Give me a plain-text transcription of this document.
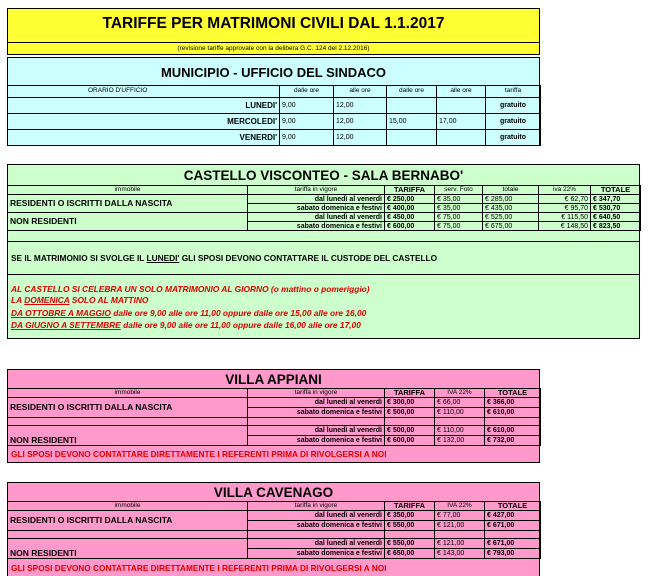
TARIFFE PER MATRIMONI CIVILI DAL 1.1.2017
(revisione tariffe approvate con la delibera G.C. 124 del 2.12.2016)
MUNICIPIO - UFFICIO DEL SINDACO
ORARIO D'UFFICIO	dalle ore	alle ore	dalle ore	alle ore	tariffa
LUNEDI'	9,00	12,00			gratuito
MERCOLEDI'	9,00	12,00	15,00	17,00	gratuito
VENERDI'	9,00	12,00			gratuito
CASTELLO VISCONTEO - SALA BERNABO'
immobile	tariffa in vigore	TARIFFA	serv. Foto	totale	iva 22%	TOTALE
RESIDENTI O ISCRITTI DALLA NASCITA	dal lunedì al venerdì	€ 250,00	€ 35,00	€ 285,00	€ 62,70	€ 347,70
	sabato domenica e festivi	€ 400,00	€ 35,00	€ 435,00	€ 95,70	€ 530,70
NON RESIDENTI	dal lunedì al venerdì	€ 450,00	€ 75,00	€ 525,00	€ 115,50	€ 640,50
	sabato domenica e festivi	€ 600,00	€ 75,00	€ 675,00	€ 148,50	€ 823,50
SE IL MATRIMONIO SI SVOLGE IL LUNEDI' GLI SPOSI DEVONO CONTATTARE IL CUSTODE DEL CASTELLO
AL CASTELLO SI CELEBRA UN SOLO MATRIMONIO AL GIORNO (o mattino o pomeriggio)
LA DOMENICA SOLO AL MATTINO
DA OTTOBRE A MAGGIO dalle ore 9,00 alle ore 11,00 oppure dalle ore 15,00 alle ore 16,00
DA GIUGNO A SETTEMBRE dalle ore 9,00 alle ore 11,00 oppure dalle 16,00 alle ore 17,00
VILLA APPIANI
immobile	tariffa in vigore	TARIFFA	IVA 22%	TOTALE
RESIDENTI O ISCRITTI DALLA NASCITA	dal lunedì al venerdì	€ 300,00	€ 66,00	€ 366,00
	sabato domenica e festivi	€ 500,00	€ 110,00	€ 610,00

NON RESIDENTI	dal lunedì al venerdì	€ 500,00	€ 110,00	€ 610,00
	sabato domenica e festivi	€ 600,00	€ 132,00	€ 732,00
GLI SPOSI DEVONO CONTATTARE DIRETTAMENTE I REFERENTI PRIMA DI RIVOLGERSI A NOI
VILLA CAVENAGO
immobile	tariffa in vigore	TARIFFA	IVA 22%	TOTALE
RESIDENTI O ISCRITTI DALLA NASCITA	dal lunedì al venerdì	€ 350,00	€ 77,00	€ 427,00
	sabato domenica e festivi	€ 550,00	€ 121,00	€ 671,00

NON RESIDENTI	dal lunedì al venerdì	€ 550,00	€ 121,00	€ 671,00
	sabato domenica e festivi	€ 650,00	€ 143,00	€ 793,00
GLI SPOSI DEVONO CONTATTARE DIRETTAMENTE I REFERENTI PRIMA DI RIVOLGERSI A NOI
